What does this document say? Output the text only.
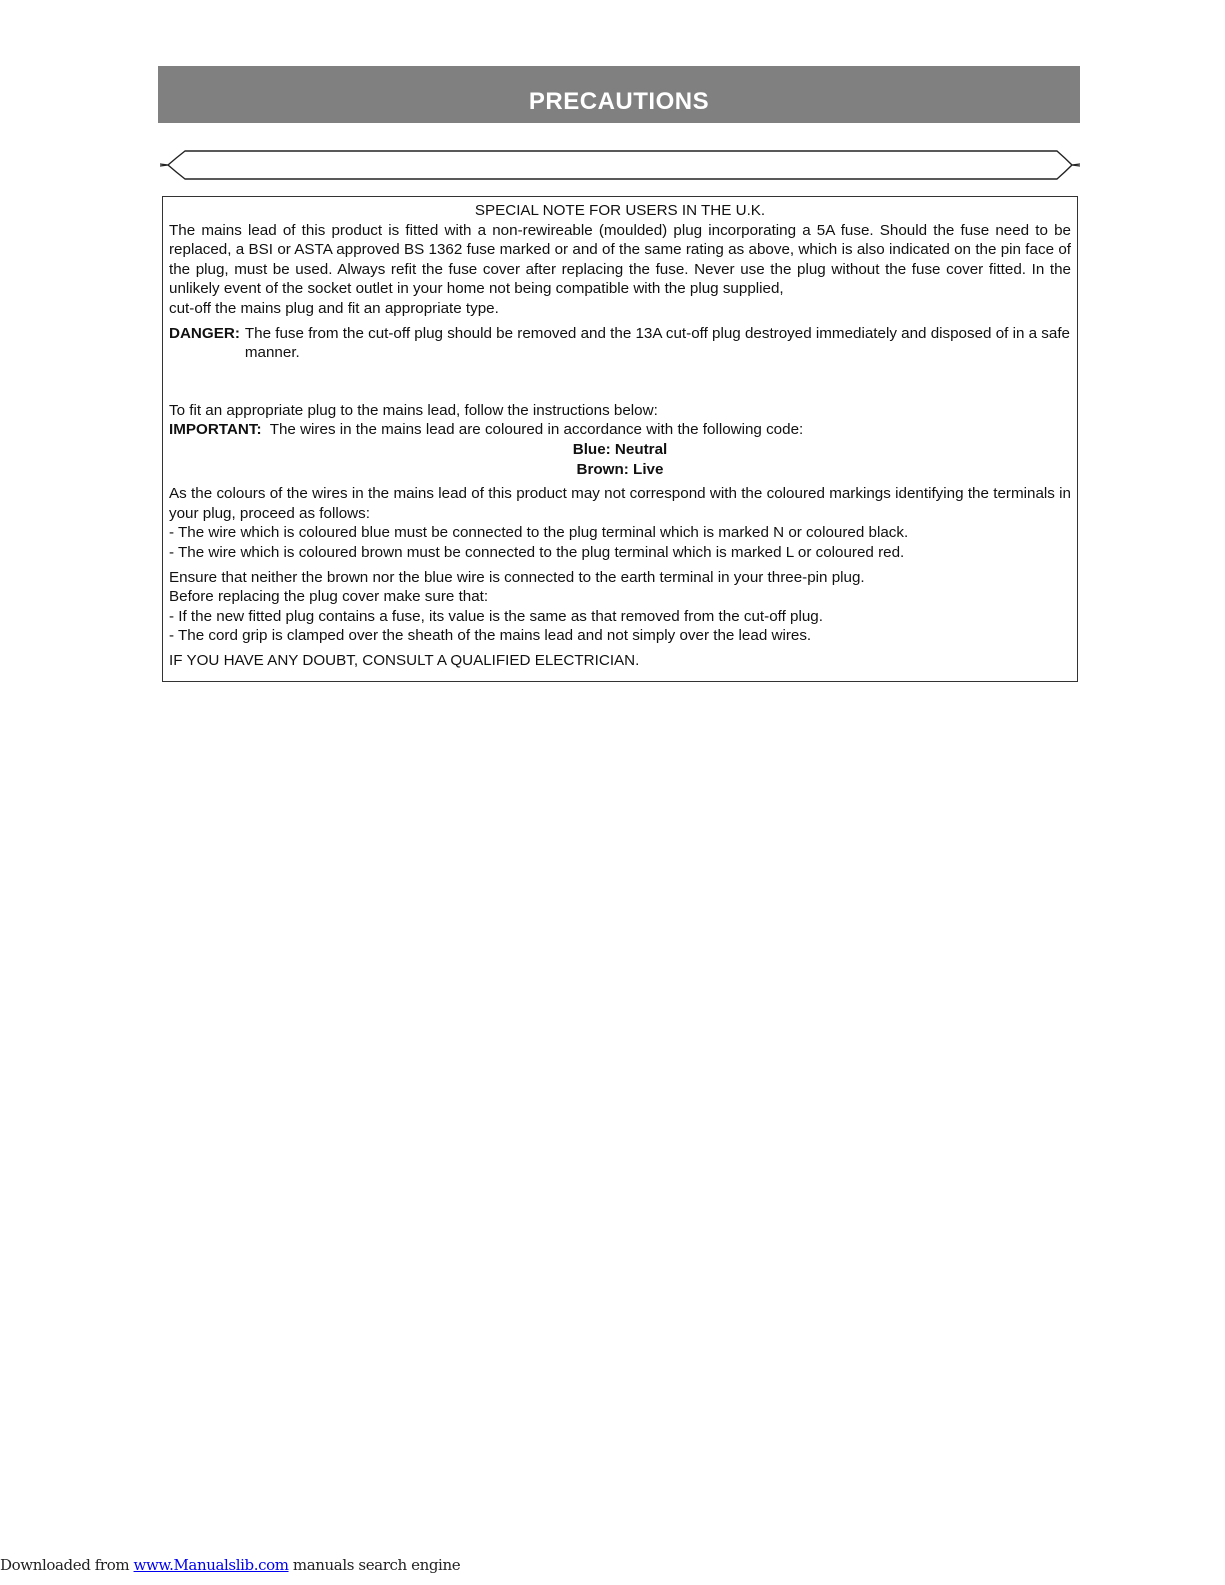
PRECAUTIONS

SPECIAL NOTE FOR USERS IN THE U.K.

The mains lead of this product is fitted with a non-rewireable (moulded) plug incorporating a 5A fuse. Should the fuse need to be replaced, a BSI or ASTA approved BS 1362 fuse marked or and of the same rating as above, which is also indicated on the pin face of the plug, must be used. Always refit the fuse cover after replacing the fuse. Never use the plug without the fuse cover fitted. In the unlikely event of the socket outlet in your home not being compatible with the plug supplied,

cut-off the mains plug and fit an appropriate type.

DANGER: The fuse from the cut-off plug should be removed and the 13A cut-off plug destroyed immediately and disposed of in a safe manner.

To fit an appropriate plug to the mains lead, follow the instructions below:

IMPORTANT: The wires in the mains lead are coloured in accordance with the following code:

Blue: Neutral

Brown: Live

As the colours of the wires in the mains lead of this product may not correspond with the coloured markings identifying the terminals in your plug, proceed as follows:

- The wire which is coloured blue must be connected to the plug terminal which is marked N or coloured black.

- The wire which is coloured brown must be connected to the plug terminal which is marked L or coloured red.

Ensure that neither the brown nor the blue wire is connected to the earth terminal in your three-pin plug.

Before replacing the plug cover make sure that:

- If the new fitted plug contains a fuse, its value is the same as that removed from the cut-off plug.

- The cord grip is clamped over the sheath of the mains lead and not simply over the lead wires.

IF YOU HAVE ANY DOUBT, CONSULT A QUALIFIED ELECTRICIAN.

Downloaded from www.Manualslib.com manuals search engine
